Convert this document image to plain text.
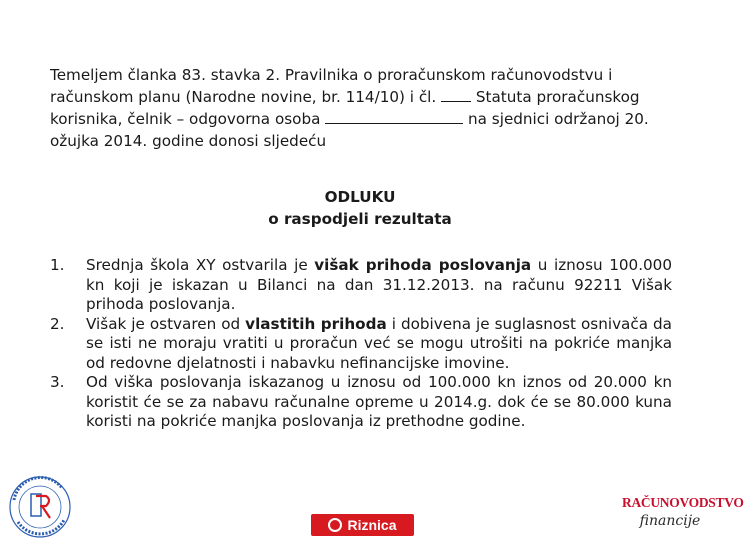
Temeljem članka 83. stavka 2. Pravilnika o proračunskom računovodstvu i računskom planu (Narodne novine, br. 114/10) i čl.  Statuta proračunskog korisnika, čelnik – odgovorna osoba	na sjednici održanoj 20. ožujka 2014. godine donosi sljedeću

ODLUKU
o raspodjeli rezultata
1. Srednja škola XY ostvarila je višak prihoda poslovanja u iznosu 100.000 kn koji je iskazan u Bilanci na dan 31.12.2013. na računu 92211 Višak prihoda poslovanja.
2. Višak je ostvaren od vlastitih prihoda i dobivena je suglasnost osnivača da se isti ne moraju vratiti u proračun već se mogu utrošiti na pokriće manjka od redovne djelatnosti i nabavku nefinancijske imovine.
3. Od viška poslovanja iskazanog u iznosu od 100.000 kn iznos od 20.000 kn koristit će se za nabavu računalne opreme u 2014.g. dok će se 80.000 kuna koristi na pokriće manjka poslovanja iz prethodne godine.
Riznica
RAČUNOVODSTVO
financije
